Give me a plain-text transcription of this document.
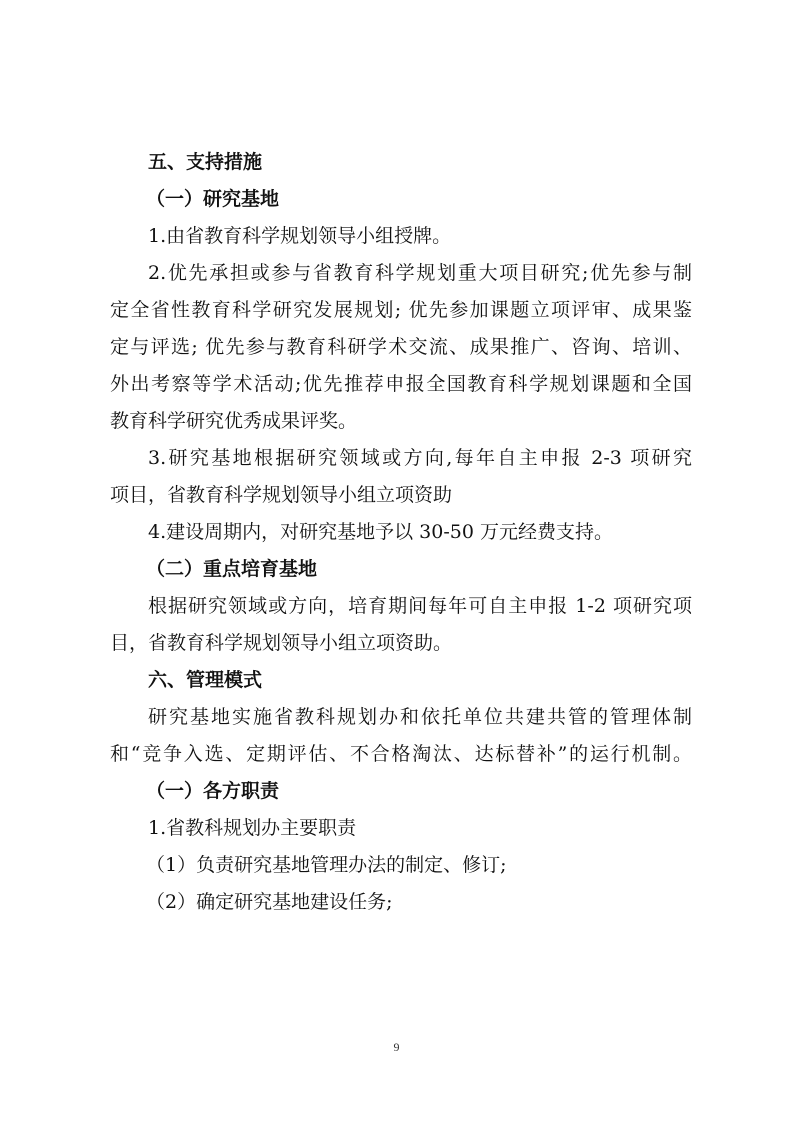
五、支持措施
（一）研究基地
1.由省教育科学规划领导小组授牌。
2.优先承担或参与省教育科学规划重大项目研究;优先参与制
定全省性教育科学研究发展规划; 优先参加课题立项评审、成果鉴
定与评选; 优先参与教育科研学术交流、成果推广、咨询、培训、
外出考察等学术活动;优先推荐申报全国教育科学规划课题和全国
教育科学研究优秀成果评奖。
3.研究基地根据研究领域或方向,每年自主申报 2-3 项研究
项目，省教育科学规划领导小组立项资助
4.建设周期内，对研究基地予以 30-50 万元经费支持。
（二）重点培育基地
根据研究领域或方向，培育期间每年可自主申报 1-2 项研究项
目，省教育科学规划领导小组立项资助。
六、管理模式
研究基地实施省教科规划办和依托单位共建共管的管理体制
和“竞争入选、定期评估、不合格淘汰、达标替补”的运行机制。
（一）各方职责
1.省教科规划办主要职责
（1）负责研究基地管理办法的制定、修订;
（2）确定研究基地建设任务;
9
